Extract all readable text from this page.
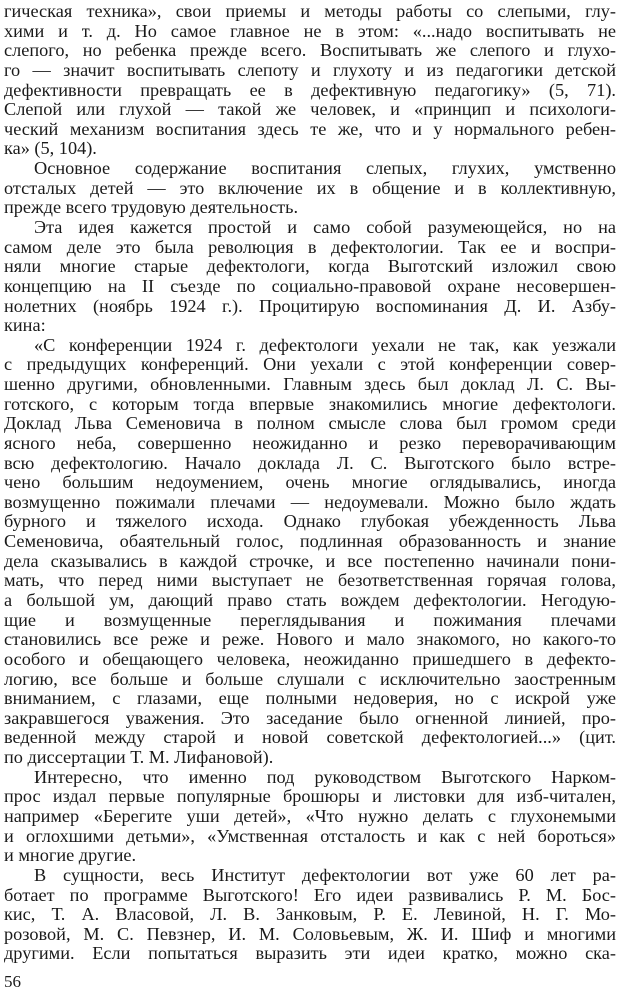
гическая техника», свои приемы и методы работы со слепыми, глу-
хими и т. д. Но самое главное не в этом: «...надо воспитывать не
слепого, но ребенка прежде всего. Воспитывать же слепого и глухо-
го — значит воспитывать слепоту и глухоту и из педагогики детской
дефективности превращать ее в дефективную педагогику» (5, 71).
Слепой или глухой — такой же человек, и «принцип и психологи-
ческий механизм воспитания здесь те же, что и у нормального ребен-
ка» (5, 104).
Основное содержание воспитания слепых, глухих, умственно
отсталых детей — это включение их в общение и в коллективную,
прежде всего трудовую деятельность.
Эта идея кажется простой и само собой разумеющейся, но на
самом деле это была революция в дефектологии. Так ее и воспри-
няли многие старые дефектологи, когда Выготский изложил свою
концепцию на II съезде по социально-правовой охране несовершен-
нолетних (ноябрь 1924 г.). Процитирую воспоминания Д. И. Азбу-
кина:
«С конференции 1924 г. дефектологи уехали не так, как уезжали
с предыдущих конференций. Они уехали с этой конференции совер-
шенно другими, обновленными. Главным здесь был доклад Л. С. Вы-
готского, с которым тогда впервые знакомились многие дефектологи.
Доклад Льва Семеновича в полном смысле слова был громом среди
ясного неба, совершенно неожиданно и резко переворачивающим
всю дефектологию. Начало доклада Л. С. Выготского было встре-
чено большим недоумением, очень многие оглядывались, иногда
возмущенно пожимали плечами — недоумевали. Можно было ждать
бурного и тяжелого исхода. Однако глубокая убежденность Льва
Семеновича, обаятельный голос, подлинная образованность и знание
дела сказывались в каждой строчке, и все постепенно начинали пони-
мать, что перед ними выступает не безответственная горячая голова,
а большой ум, дающий право стать вождем дефектологии. Негодую-
щие и возмущенные переглядывания и пожимания плечами
становились все реже и реже. Нового и мало знакомого, но какого-то
особого и обещающего человека, неожиданно пришедшего в дефекто-
логию, все больше и больше слушали с исключительно заостренным
вниманием, с глазами, еще полными недоверия, но с искрой уже
закравшегося уважения. Это заседание было огненной линией, про-
веденной между старой и новой советской дефектологией...» (цит.
по диссертации Т. М. Лифановой).
Интересно, что именно под руководством Выготского Нарком-
прос издал первые популярные брошюры и листовки для изб-читален,
например «Берегите уши детей», «Что нужно делать с глухонемыми
и оглохшими детьми», «Умственная отсталость и как с ней бороться»
и многие другие.
В сущности, весь Институт дефектологии вот уже 60 лет ра-
ботает по программе Выготского! Его идеи развивались Р. М. Бос-
кис, Т. А. Власовой, Л. В. Занковым, Р. Е. Левиной, Н. Г. Мо-
розовой, М. С. Певзнер, И. М. Соловьевым, Ж. И. Шиф и многими
другими. Если попытаться выразить эти идеи кратко, можно ска-
56
